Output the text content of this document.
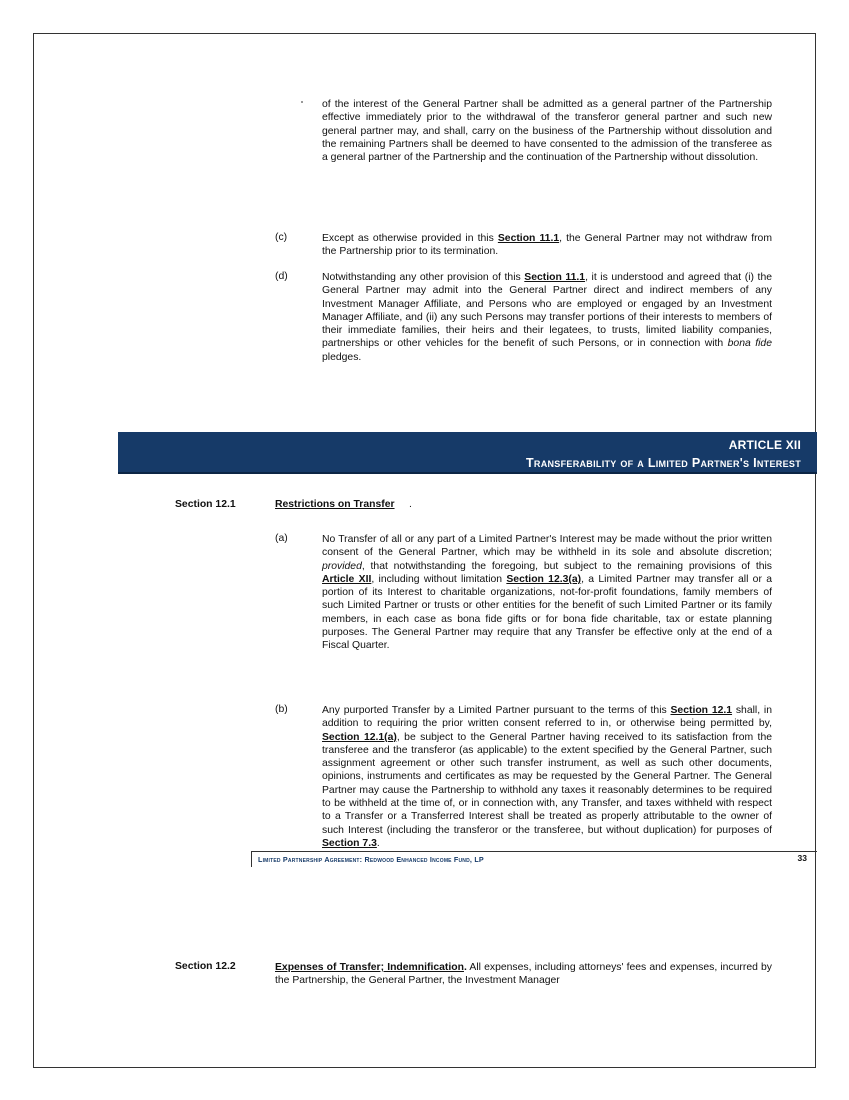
of the interest of the General Partner shall be admitted as a general partner of the Partnership effective immediately prior to the withdrawal of the transferor general partner and such new general partner may, and shall, carry on the business of the Partnership without dissolution and the remaining Partners shall be deemed to have consented to the admission of the transferee as a general partner of the Partnership and the continuation of the Partnership without dissolution.

(c)	Except as otherwise provided in this Section 11.1, the General Partner may not withdraw from the Partnership prior to its termination.

(d)	Notwithstanding any other provision of this Section 11.1, it is understood and agreed that (i) the General Partner may admit into the General Partner direct and indirect members of any Investment Manager Affiliate, and Persons who are employed or engaged by an Investment Manager Affiliate, and (ii) any such Persons may transfer portions of their interests to members of their immediate families, their heirs and their legatees, to trusts, limited liability companies, partnerships or other vehicles for the benefit of such Persons, or in connection with bona fide pledges.

ARTICLE XII
Transferability of a Limited Partner's Interest
Section 12.1	Restrictions on Transfer .
(a)	No Transfer of all or any part of a Limited Partner's Interest may be made without the prior written consent of the General Partner, which may be withheld in its sole and absolute discretion; provided, that notwithstanding the foregoing, but subject to the remaining provisions of this Article XII, including without limitation Section 12.3(a), a Limited Partner may transfer all or a portion of its Interest to charitable organizations, not-for-profit foundations, family members of such Limited Partner or trusts or other entities for the benefit of such Limited Partner or its family members, in each case as bona fide gifts or for bona fide charitable, tax or estate planning purposes. The General Partner may require that any Transfer be effective only at the end of a Fiscal Quarter.

(b)	Any purported Transfer by a Limited Partner pursuant to the terms of this Section 12.1 shall, in addition to requiring the prior written consent referred to in, or otherwise being permitted by, Section 12.1(a), be subject to the General Partner having received to its satisfaction from the transferee and the transferor (as applicable) to the extent specified by the General Partner, such assignment agreement or other such transfer instrument, as well as such other documents, opinions, instruments and certificates as may be requested by the General Partner. The General Partner may cause the Partnership to withhold any taxes it reasonably determines to be required to be withheld at the time of, or in connection with, any Transfer, and taxes withheld with respect to a Transfer or a Transferred Interest shall be treated as properly attributable to the owner of such Interest (including the transferor or the transferee, but without duplication) for purposes of Section 7.3.

Section 12.2	Expenses of Transfer; Indemnification. All expenses, including attorneys' fees and expenses, incurred by the Partnership, the General Partner, the Investment Manager

Limited Partnership Agreement: Redwood Enhanced Income Fund, LP	33
